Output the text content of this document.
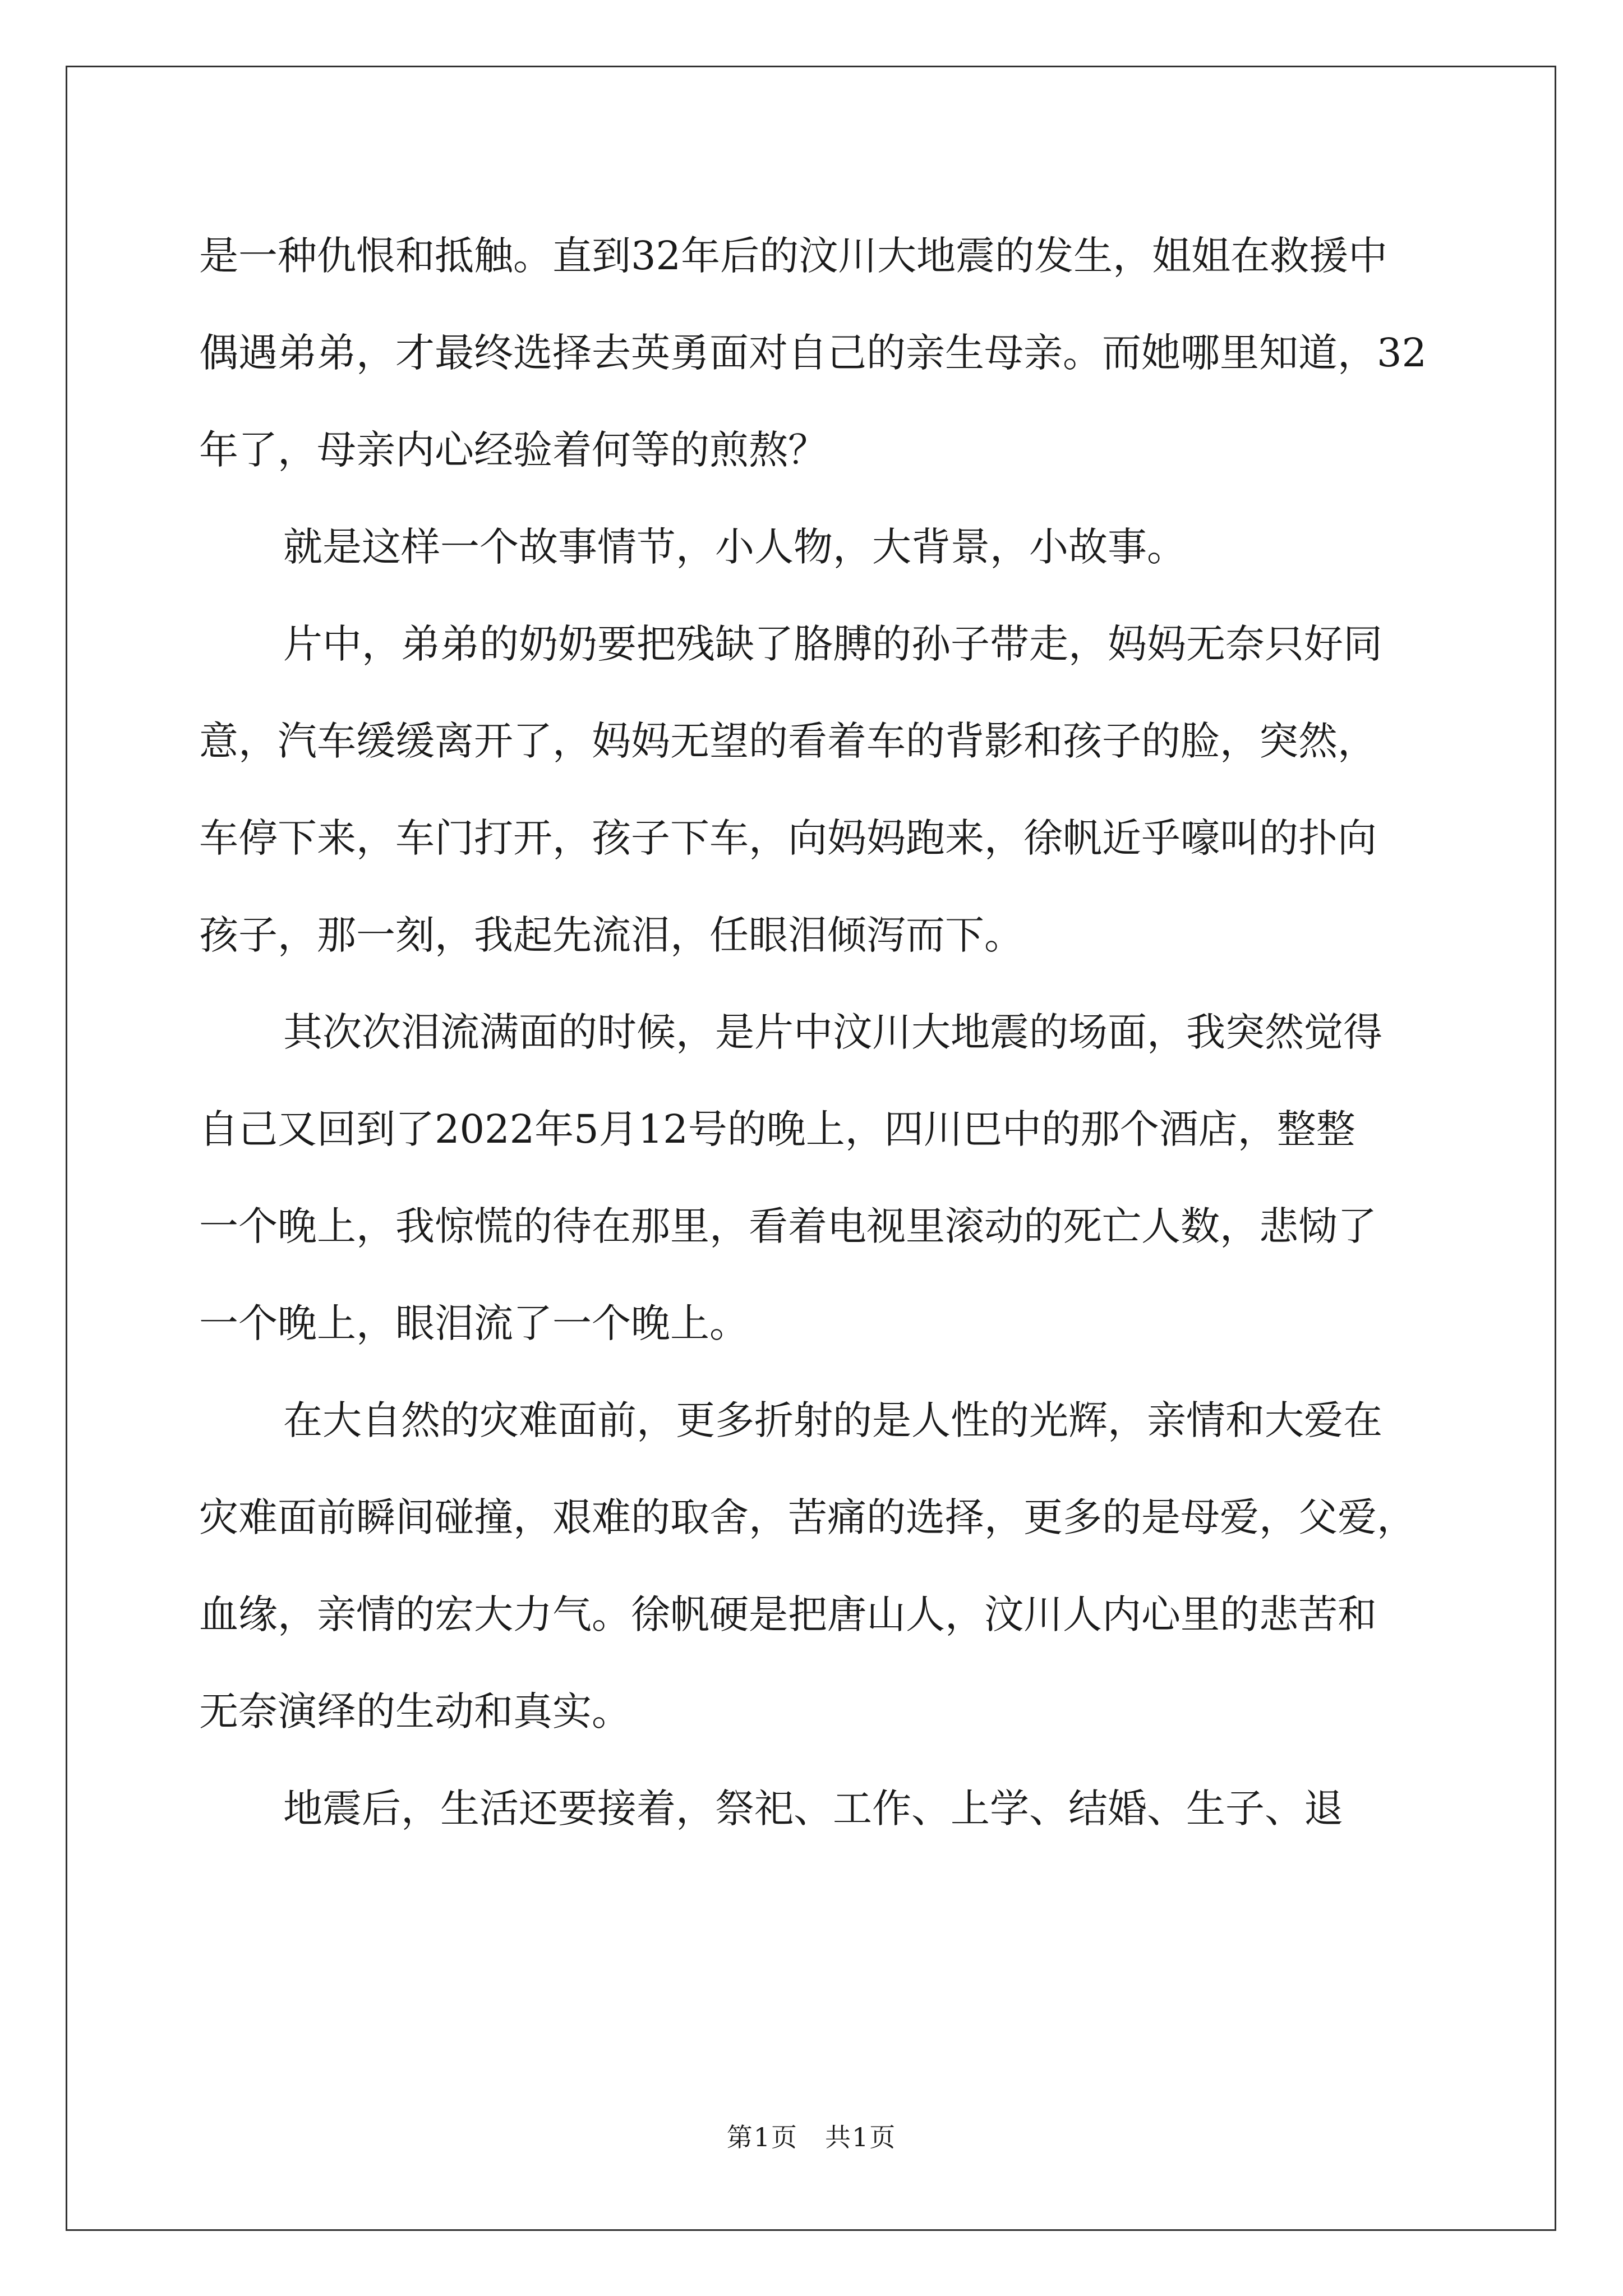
是一种仇恨和抵触。直到32年后的汶川大地震的发生，姐姐在救援中
偶遇弟弟，才最终选择去英勇面对自己的亲生母亲。而她哪里知道，32
年了，母亲内心经验着何等的煎熬？
就是这样一个故事情节，小人物，大背景，小故事。
片中，弟弟的奶奶要把残缺了胳膊的孙子带走，妈妈无奈只好同
意，汽车缓缓离开了，妈妈无望的看着车的背影和孩子的脸，突然，
车停下来，车门打开，孩子下车，向妈妈跑来，徐帆近乎嚎叫的扑向
孩子，那一刻，我起先流泪，任眼泪倾泻而下。
其次次泪流满面的时候，是片中汶川大地震的场面，我突然觉得
自己又回到了2022年5月12号的晚上，四川巴中的那个酒店，整整
一个晚上，我惊慌的待在那里，看着电视里滚动的死亡人数，悲恸了
一个晚上，眼泪流了一个晚上。
在大自然的灾难面前，更多折射的是人性的光辉，亲情和大爱在
灾难面前瞬间碰撞，艰难的取舍，苦痛的选择，更多的是母爱，父爱，
血缘，亲情的宏大力气。徐帆硬是把唐山人，汶川人内心里的悲苦和
无奈演绎的生动和真实。
地震后，生活还要接着，祭祀、工作、上学、结婚、生子、退
第1页　共1页
